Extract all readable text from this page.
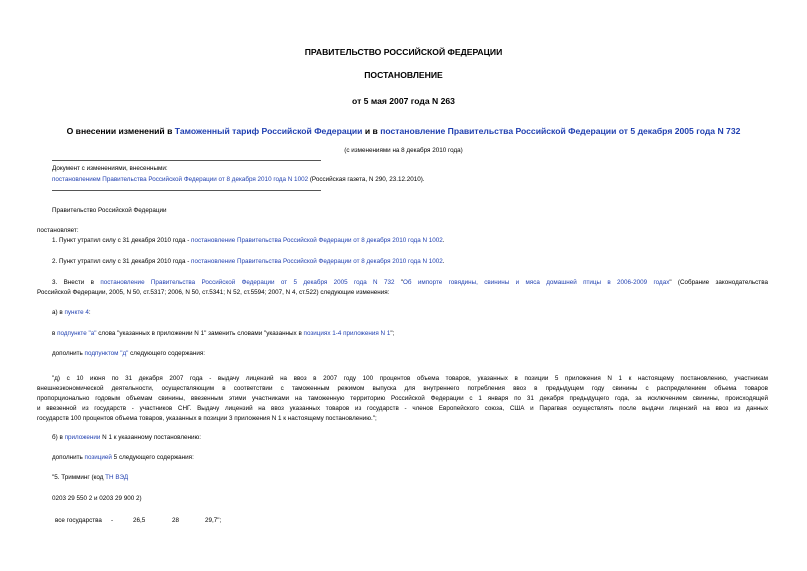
ПРАВИТЕЛЬСТВО РОССИЙСКОЙ ФЕДЕРАЦИИ
ПОСТАНОВЛЕНИЕ
от 5 мая 2007 года N 263
О внесении изменений в Таможенный тариф Российской Федерации и в постановление Правительства Российской Федерации от 5 декабря 2005 года N 732
(с изменениями на 8 декабря 2010 года)
Документ с изменениями, внесенными:
постановлением Правительства Российской Федерации от 8 декабря 2010 года N 1002 (Российская газета, N 290, 23.12.2010).
Правительство Российской Федерации
постановляет:
1. Пункт утратил силу с 31 декабря 2010 года - постановление Правительства Российской Федерации от 8 декабря 2010 года N 1002.
2. Пункт утратил силу с 31 декабря 2010 года - постановление Правительства Российской Федерации от 8 декабря 2010 года N 1002.
3. Внести в постановление Правительства Российской Федерации от 5 декабря 2005 года N 732 "Об импорте говядины, свинины и мяса домашней птицы в 2006-2009 годах" (Собрание законодательства
Российской Федерации, 2005, N 50, ст.5317; 2006, N 50, ст.5341; N 52, ст.5594; 2007, N 4, ст.522) следующие изменения:
а) в пункте 4:
в подпункте "а" слова "указанных в приложении N 1" заменить словами "указанных в позициях 1-4 приложения N 1";
дополнить подпунктом "д" следующего содержания:
"д) с 10 июня по 31 декабря 2007 года - выдачу лицензий на ввоз в 2007 году 100 процентов объема товаров, указанных в позиции 5 приложения N 1 к настоящему постановлению, участникам
внешнеэкономической деятельности, осуществляющим в соответствии с таможенным режимом выпуска для внутреннего потребления ввоз в предыдущем году свинины с распределением объема товаров
пропорционально годовым объемам свинины, ввезенным этими участниками на таможенную территорию Российской Федерации с 1 января по 31 декабря предыдущего года, за исключением свинины, происходящей
и ввезенной из государств - участников СНГ. Выдачу лицензий на ввоз указанных товаров из государств - членов Европейского союза, США и Парагвая осуществлять после выдачи лицензий на ввоз из данных
государств 100 процентов объема товаров, указанных в позиции 3 приложения N 1 к настоящему постановлению.";
б) в приложении N 1 к указанному постановлению:
дополнить позицией 5 следующего содержания:
"5. Тримминг (код ТН ВЭД
0203 29 550 2 и 0203 29 900 2)
все государства -	26,5	28	29,7";
